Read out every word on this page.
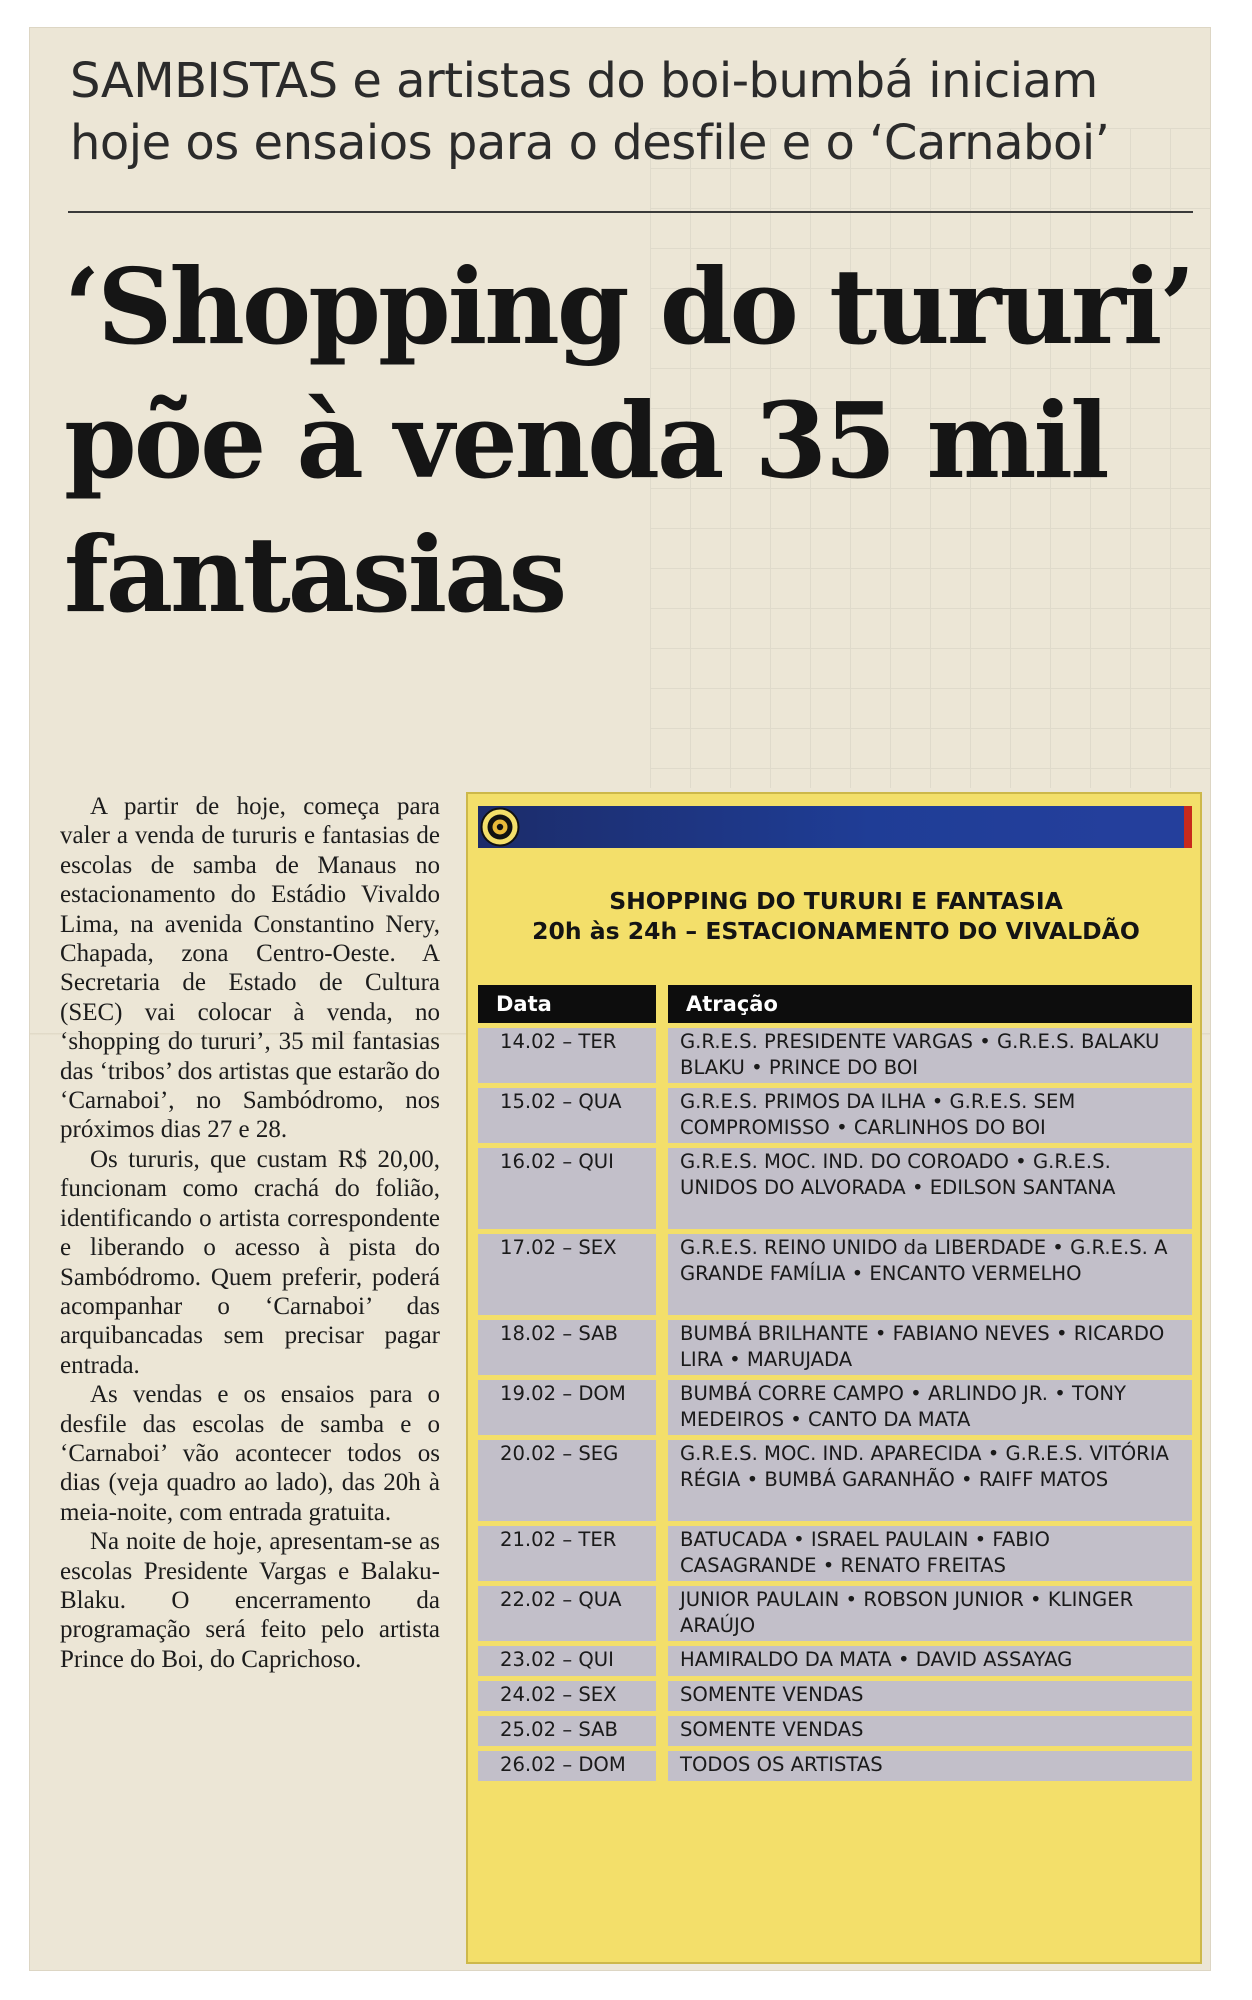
SAMBISTAS e artistas do boi-bumbá iniciam hoje os ensaios para o desfile e o ‘Carnaboi’
‘Shopping do tururi’ põe à venda 35 mil fantasias

A partir de hoje, começa para valer a venda de tururis e fantasias de escolas de samba de Manaus no estacionamento do Estádio Vivaldo Lima, na avenida Constantino Nery, Chapada, zona Centro-Oeste. A Secretaria de Estado de Cultura (SEC) vai colocar à venda, no ‘shopping do tururi’, 35 mil fantasias das ‘tribos’ dos artistas que estarão do ‘Carnaboi’, no Sambódromo, nos próximos dias 27 e 28.

Os tururis, que custam R$ 20,00, funcionam como crachá do folião, identificando o artista correspondente e liberando o acesso à pista do Sambódromo. Quem preferir, poderá acompanhar o ‘Carnaboi’ das arquibancadas sem precisar pagar entrada.

As vendas e os ensaios para o desfile das escolas de samba e o ‘Carnaboi’ vão acontecer todos os dias (veja quadro ao lado), das 20h à meia-noite, com entrada gratuita.

Na noite de hoje, apresentam-se as escolas Presidente Vargas e Balaku-Blaku. O encerramento da programação será feito pelo artista Prince do Boi, do Caprichoso.

SHOPPING DO TURURI E FANTASIA
20h às 24h – ESTACIONAMENTO DO VIVALDÃO
Data		Atração
14.02 – TER		G.R.E.S. PRESIDENTE VARGAS • G.R.E.S. BALAKU BLAKU • PRINCE DO BOI
15.02 – QUA		G.R.E.S. PRIMOS DA ILHA • G.R.E.S. SEM COMPROMISSO • CARLINHOS DO BOI
16.02 – QUI		G.R.E.S. MOC. IND. DO COROADO • G.R.E.S. UNIDOS DO ALVORADA • EDILSON SANTANA
17.02 – SEX		G.R.E.S. REINO UNIDO da LIBERDADE • G.R.E.S. A GRANDE FAMÍLIA • ENCANTO VERMELHO
18.02 – SAB		BUMBÁ BRILHANTE • FABIANO NEVES • RICARDO LIRA • MARUJADA
19.02 – DOM		BUMBÁ CORRE CAMPO • ARLINDO JR. • TONY MEDEIROS • CANTO DA MATA
20.02 – SEG		G.R.E.S. MOC. IND. APARECIDA • G.R.E.S. VITÓRIA RÉGIA • BUMBÁ GARANHÃO • RAIFF MATOS
21.02 – TER		BATUCADA • ISRAEL PAULAIN • FABIO CASAGRANDE • RENATO FREITAS
22.02 – QUA		JUNIOR PAULAIN • ROBSON JUNIOR • KLINGER ARAÚJO
23.02 – QUI		HAMIRALDO DA MATA • DAVID ASSAYAG
24.02 – SEX		SOMENTE VENDAS
25.02 – SAB		SOMENTE VENDAS
26.02 – DOM		TODOS OS ARTISTAS
